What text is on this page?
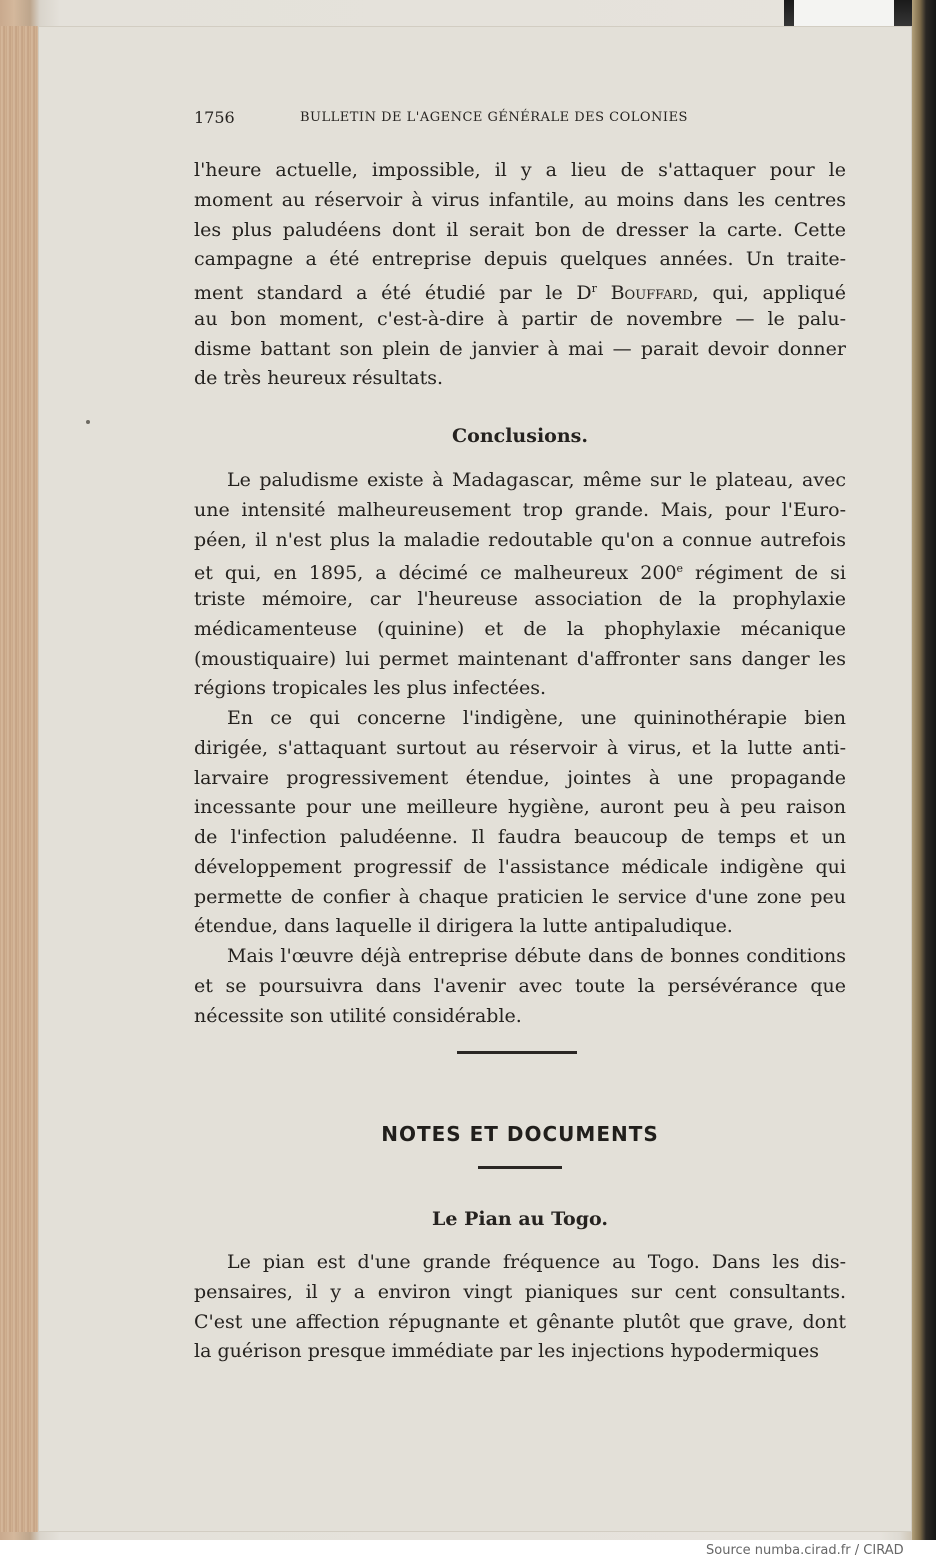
1756	BULLETIN DE L'AGENCE GÉNÉRALE DES COLONIES
l'heure actuelle, impossible, il y a lieu de s'attaquer pour le
moment au réservoir à virus infantile, au moins dans les centres
les plus paludéens dont il serait bon de dresser la carte. Cette
campagne a été entreprise depuis quelques années. Un traite-
ment standard a été étudié par le $D^r$ Bouffard, qui, appliqué
au bon moment, c'est-à-dire à partir de novembre — le palu-
disme battant son plein de janvier à mai — parait devoir donner
de très heureux résultats.
Le paludisme existe à Madagascar, même sur le plateau, avec
une intensité malheureusement trop grande. Mais, pour l'Euro-
péen, il n'est plus la maladie redoutable qu'on a connue autrefois
et qui, en 1895, a décimé ce malheureux 200e régiment de si
triste mémoire, car l'heureuse association de la prophylaxie
médicamenteuse (quinine) et de la phophylaxie mécanique
(moustiquaire) lui permet maintenant d'affronter sans danger les
régions tropicales les plus infectées.
En ce qui concerne l'indigène, une quininothérapie bien
dirigée, s'attaquant surtout au réservoir à virus, et la lutte anti-
larvaire progressivement étendue, jointes à une propagande
incessante pour une meilleure hygiène, auront peu à peu raison
de l'infection paludéenne. Il faudra beaucoup de temps et un
développement progressif de l'assistance médicale indigène qui
permette de confier à chaque praticien le service d'une zone peu
étendue, dans laquelle il dirigera la lutte antipaludique.
Mais l'œuvre déjà entreprise débute dans de bonnes conditions
et se poursuivra dans l'avenir avec toute la persévérance que
nécessite son utilité considérable.
Le pian est d'une grande fréquence au Togo. Dans les dis-
pensaires, il y a environ vingt pianiques sur cent consultants.
C'est une affection répugnante et gênante plutôt que grave, dont
la guérison presque immédiate par les injections hypodermiques
Conclusions.
NOTES ET DOCUMENTS
Le Pian au Togo.
Source numba.cirad.fr / CIRAD
